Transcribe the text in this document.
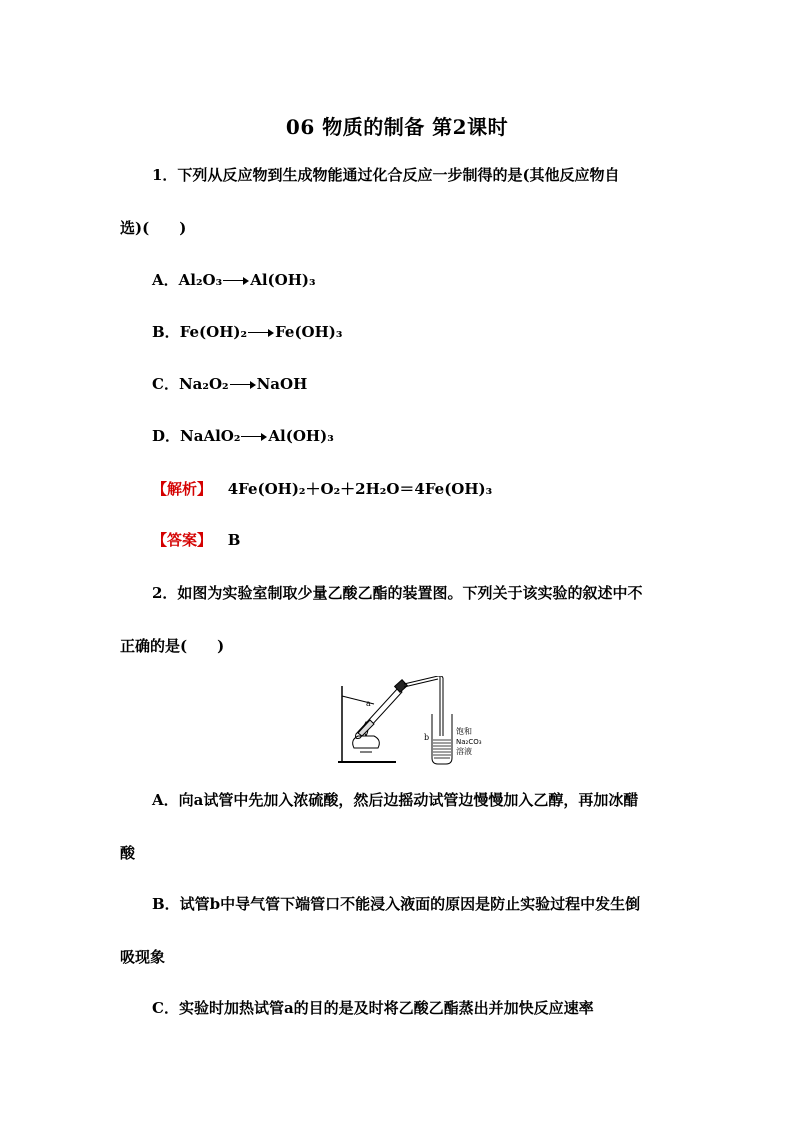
06 物质的制备 第2课时
1．下列从反应物到生成物能通过化合反应一步制得的是(其他反应物自
选)(　　)
A．Al₂O₃ Al(OH)₃
B．Fe(OH)₂ Fe(OH)₃
C．Na₂O₂ NaOH
D．NaAlO₂ Al(OH)₃
【解析】 4Fe(OH)₂＋O₂＋2H₂O＝4Fe(OH)₃
【答案】 B
2．如图为实验室制取少量乙酸乙酯的装置图。下列关于该实验的叙述中不
正确的是(　　)
a
b
饱和
Na₂CO₃
溶液
A．向a试管中先加入浓硫酸，然后边摇动试管边慢慢加入乙醇，再加冰醋
酸
B．试管b中导气管下端管口不能浸入液面的原因是防止实验过程中发生倒
吸现象
C．实验时加热试管a的目的是及时将乙酸乙酯蒸出并加快反应速率
